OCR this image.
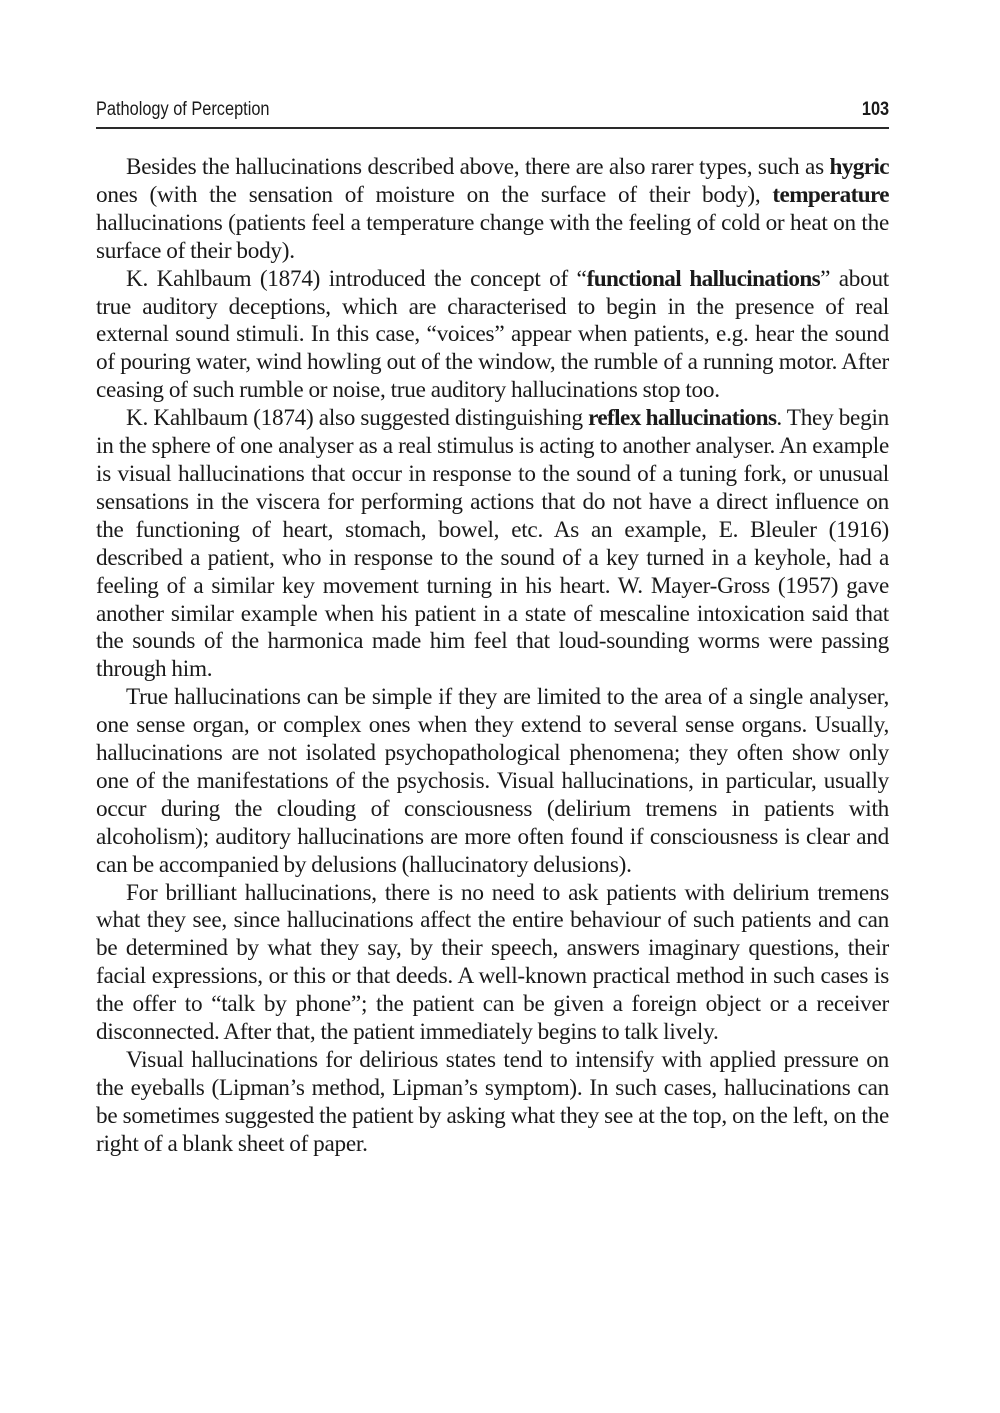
Pathology of Perception	103

Besides the hallucinations described above, there are also rarer types, such as hygric ones (with the sensation of moisture on the surface of their body), temperature hallucinations (patients feel a temperature change with the feeling of cold or heat on the surface of their body).

K. Kahlbaum (1874) introduced the concept of “functional hallucinations” about true auditory deceptions, which are characterised to begin in the presence of real external sound stimuli. In this case, “voices” appear when patients, e.g. hear the sound of pouring water, wind howling out of the window, the rumble of a running motor. After ceasing of such rumble or noise, true auditory hallucinations stop too.

K. Kahlbaum (1874) also suggested distinguishing reflex hallucinations. They begin in the sphere of one analyser as a real stimulus is acting to another analyser. An example is visual hallucinations that occur in response to the sound of a tuning fork, or unusual sensations in the viscera for performing actions that do not have a direct influence on the functioning of heart, stomach, bowel, etc. As an example, E. Bleuler (1916) described a patient, who in response to the sound of a key turned in a keyhole, had a feeling of a similar key movement turning in his heart. W. Mayer-Gross (1957) gave another similar example when his patient in a state of mescaline intoxication said that the sounds of the harmonica made him feel that loud-sounding worms were passing through him.

True hallucinations can be simple if they are limited to the area of a single analyser, one sense organ, or complex ones when they extend to several sense organs. Usually, hallucinations are not isolated psychopathological phenomena; they often show only one of the manifestations of the psychosis. Visual hallucinations, in particular, usually occur during the clouding of consciousness (delirium tremens in patients with alcoholism); auditory hallucinations are more often found if consciousness is clear and can be accompanied by delusions (hallucinatory delusions).

For brilliant hallucinations, there is no need to ask patients with delirium tremens what they see, since hallucinations affect the entire behaviour of such patients and can be determined by what they say, by their speech, answers imaginary questions, their facial expressions, or this or that deeds. A well-known practical method in such cases is the offer to “talk by phone”; the patient can be given a foreign object or a receiver disconnected. After that, the patient immediately begins to talk lively.

Visual hallucinations for delirious states tend to intensify with applied pressure on the eyeballs (Lipman’s method, Lipman’s symptom). In such cases, hallucinations can be sometimes suggested the patient by asking what they see at the top, on the left, on the right of a blank sheet of paper.
